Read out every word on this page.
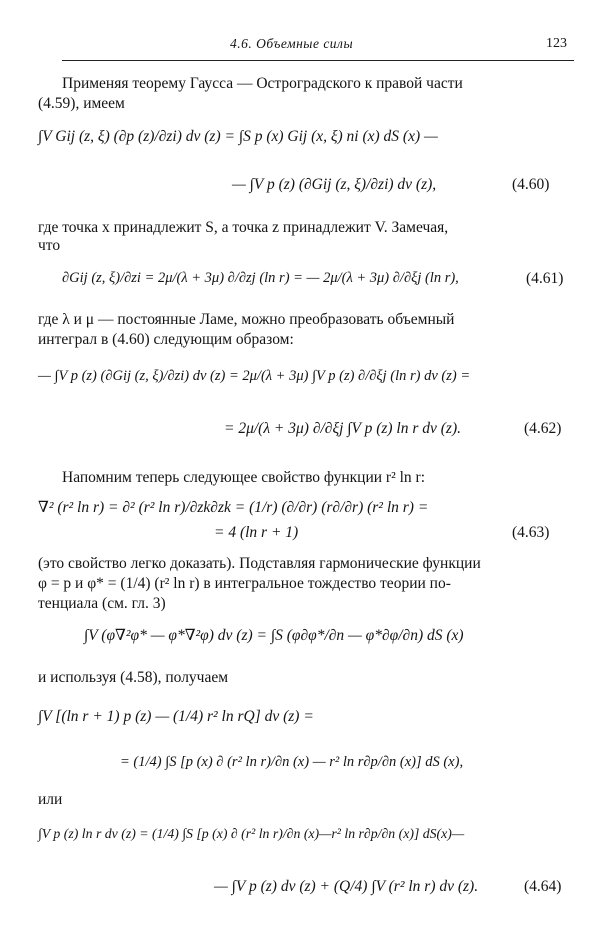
4.6. Объемные силы	123
Применяя теорему Гаусса — Остроградского к правой части
(4.59), имеем
∫V Gij (z, ξ) (∂p (z)/∂zi) dv (z) = ∫S p (x) Gij (x, ξ) ni (x) dS (x) —
— ∫V p (z) (∂Gij (z, ξ)/∂zi) dv (z),	(4.60)
где точка x принадлежит S, а точка z принадлежит V. Замечая,
что
∂Gij (z, ξ)/∂zi = 2μ/(λ + 3μ) ∂/∂zj (ln r) = — 2μ/(λ + 3μ) ∂/∂ξj (ln r),	(4.61)
где λ и μ — постоянные Ламе, можно преобразовать объемный
интеграл в (4.60) следующим образом:
— ∫V p (z) (∂Gij (z, ξ)/∂zi) dv (z) = 2μ/(λ + 3μ) ∫V p (z) ∂/∂ξj (ln r) dv (z) =
= 2μ/(λ + 3μ) ∂/∂ξj ∫V p (z) ln r dv (z).	(4.62)
Напомним теперь следующее свойство функции r² ln r:
∇² (r² ln r) = ∂² (r² ln r)/∂zk∂zk = (1/r) (∂/∂r) (r∂/∂r) (r² ln r) =
= 4 (ln r + 1)	(4.63)
(это свойство легко доказать). Подставляя гармонические функции
φ = p и φ* = (1/4) (r² ln r) в интегральное тождество теории по-
тенциала (см. гл. 3)
∫V (φ∇²φ* — φ*∇²φ) dv (z) = ∫S (φ∂φ*/∂n — φ*∂φ/∂n) dS (x)
и используя (4.58), получаем
∫V [(ln r + 1) p (z) — (1/4) r² ln rQ] dv (z) =
= (1/4) ∫S [p (x) ∂ (r² ln r)/∂n (x) — r² ln r∂p/∂n (x)] dS (x),
или
∫V p (z) ln r dv (z) = (1/4) ∫S [p (x) ∂ (r² ln r)/∂n (x)—r² ln r∂p/∂n (x)] dS(x)—
— ∫V p (z) dv (z) + (Q/4) ∫V (r² ln r) dv (z).	(4.64)
